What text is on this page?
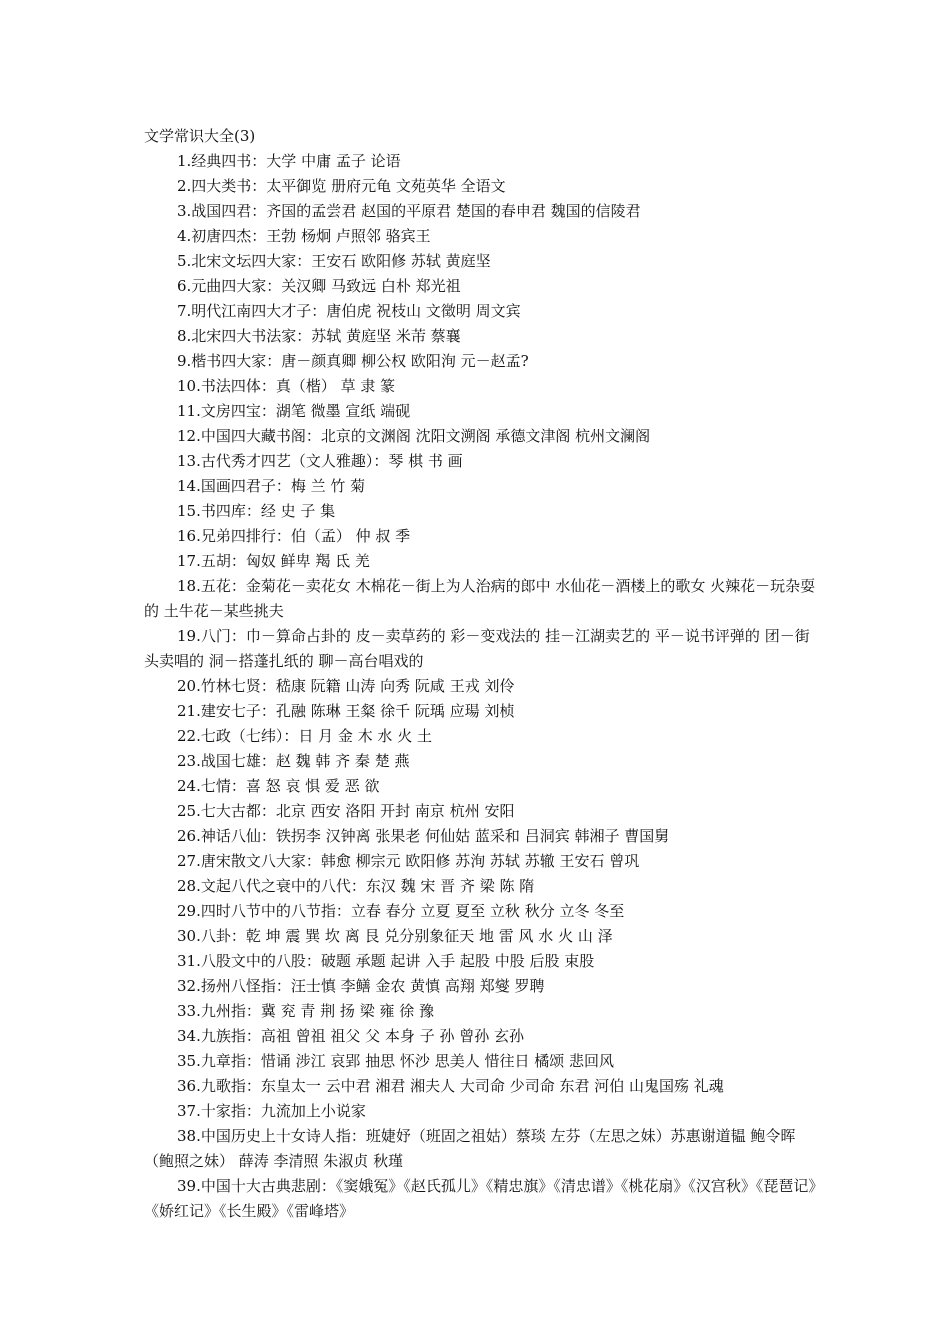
文学常识大全(3)

1.经典四书：大学 中庸 孟子 论语

2.四大类书：太平御览 册府元龟 文苑英华 全语文

3.战国四君：齐国的孟尝君 赵国的平原君 楚国的春申君 魏国的信陵君

4.初唐四杰：王勃 杨炯 卢照邻 骆宾王

5.北宋文坛四大家：王安石 欧阳修 苏轼 黄庭坚

6.元曲四大家：关汉卿 马致远 白朴 郑光祖

7.明代江南四大才子：唐伯虎 祝枝山 文徵明 周文宾

8.北宋四大书法家：苏轼 黄庭坚 米芾 蔡襄

9.楷书四大家：唐－颜真卿 柳公权 欧阳洵 元－赵孟?

10.书法四体：真（楷） 草 隶 篆

11.文房四宝：湖笔 微墨 宣纸 端砚

12.中国四大藏书阁：北京的文渊阁 沈阳文溯阁 承德文津阁 杭州文澜阁

13.古代秀才四艺（文人雅趣）：琴 棋 书 画

14.国画四君子：梅 兰 竹 菊

15.书四库：经 史 子 集

16.兄弟四排行：伯（孟） 仲 叔 季

17.五胡：匈奴 鲜卑 羯 氐 羌

18.五花：金菊花－卖花女 木棉花－街上为人治病的郎中 水仙花－酒楼上的歌女 火辣花－玩杂耍的 土牛花－某些挑夫

19.八门：巾－算命占卦的 皮－卖草药的 彩－变戏法的 挂－江湖卖艺的 平－说书评弹的 团－街头卖唱的 洞－搭蓬扎纸的 聊－高台唱戏的

20.竹林七贤：嵇康 阮籍 山涛 向秀 阮咸 王戎 刘伶

21.建安七子：孔融 陈琳 王粲 徐千 阮瑀 应瑒 刘桢

22.七政（七纬）：日 月 金 木 水 火 土

23.战国七雄：赵 魏 韩 齐 秦 楚 燕

24.七情：喜 怒 哀 惧 爱 恶 欲

25.七大古都：北京 西安 洛阳 开封 南京 杭州 安阳

26.神话八仙：铁拐李 汉钟离 张果老 何仙姑 蓝采和 吕洞宾 韩湘子 曹国舅

27.唐宋散文八大家：韩愈 柳宗元 欧阳修 苏洵 苏轼 苏辙 王安石 曾巩

28.文起八代之衰中的八代：东汉 魏 宋 晋 齐 梁 陈 隋

29.四时八节中的八节指：立春 春分 立夏 夏至 立秋 秋分 立冬 冬至

30.八卦：乾 坤 震 巽 坎 离 艮 兑分别象征天 地 雷 风 水 火 山 泽

31.八股文中的八股：破题 承题 起讲 入手 起股 中股 后股 束股

32.扬州八怪指：汪士慎 李鳝 金农 黄慎 高翔 郑燮 罗聘

33.九州指：冀 兖 青 荆 扬 梁 雍 徐 豫

34.九族指：高祖 曾祖 祖父 父 本身 子 孙 曾孙 玄孙

35.九章指：惜诵 涉江 哀郢 抽思 怀沙 思美人 惜往日 橘颂 悲回风

36.九歌指：东皇太一 云中君 湘君 湘夫人 大司命 少司命 东君 河伯 山鬼国殇 礼魂

37.十家指：九流加上小说家

38.中国历史上十女诗人指：班婕妤（班固之祖姑）蔡琰 左芬（左思之妹）苏惠谢道韫 鲍令晖（鲍照之妹） 薛涛 李清照 朱淑贞 秋瑾

39.中国十大古典悲剧：《窦娥冤》《赵氏孤儿》《精忠旗》《清忠谱》《桃花扇》《汉宫秋》《琵琶记》《娇红记》《长生殿》《雷峰塔》
